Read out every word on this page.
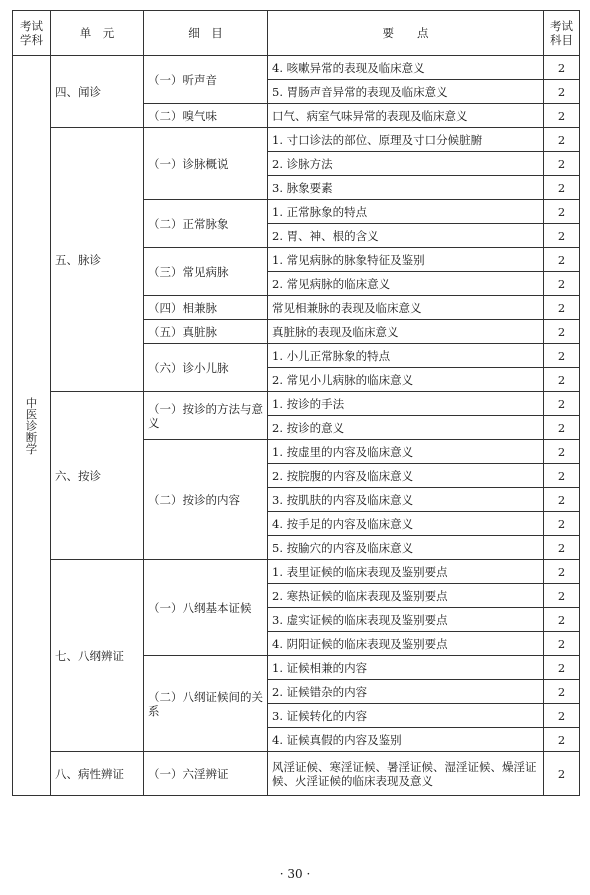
考试学科	单　元	细　目	要　　点	考试科目
中医诊断学	四、闻诊	（一）听声音	4. 咳嗽异常的表现及临床意义	2
			5. 胃肠声音异常的表现及临床意义	2
		（二）嗅气味	口气、病室气味异常的表现及临床意义	2
	五、脉诊	（一）诊脉概说	1. 寸口诊法的部位、原理及寸口分候脏腑	2
			2. 诊脉方法	2
			3. 脉象要素	2
		（二）正常脉象	1. 正常脉象的特点	2
			2. 胃、神、根的含义	2
		（三）常见病脉	1. 常见病脉的脉象特征及鉴别	2
			2. 常见病脉的临床意义	2
		（四）相兼脉	常见相兼脉的表现及临床意义	2
		（五）真脏脉	真脏脉的表现及临床意义	2
		（六）诊小儿脉	1. 小儿正常脉象的特点	2
			2. 常见小儿病脉的临床意义	2
	六、按诊	（一）按诊的方法与意义	1. 按诊的手法	2
			2. 按诊的意义	2
		（二）按诊的内容	1. 按虚里的内容及临床意义	2
			2. 按脘腹的内容及临床意义	2
			3. 按肌肤的内容及临床意义	2
			4. 按手足的内容及临床意义	2
			5. 按腧穴的内容及临床意义	2
	七、八纲辨证	（一）八纲基本证候	1. 表里证候的临床表现及鉴别要点	2
			2. 寒热证候的临床表现及鉴别要点	2
			3. 虚实证候的临床表现及鉴别要点	2
			4. 阴阳证候的临床表现及鉴别要点	2
		（二）八纲证候间的关系	1. 证候相兼的内容	2
			2. 证候错杂的内容	2
			3. 证候转化的内容	2
			4. 证候真假的内容及鉴别	2
	八、病性辨证	（一）六淫辨证	风淫证候、寒淫证候、暑淫证候、湿淫证候、燥淫证候、火淫证候的临床表现及意义	2
· 30 ·
